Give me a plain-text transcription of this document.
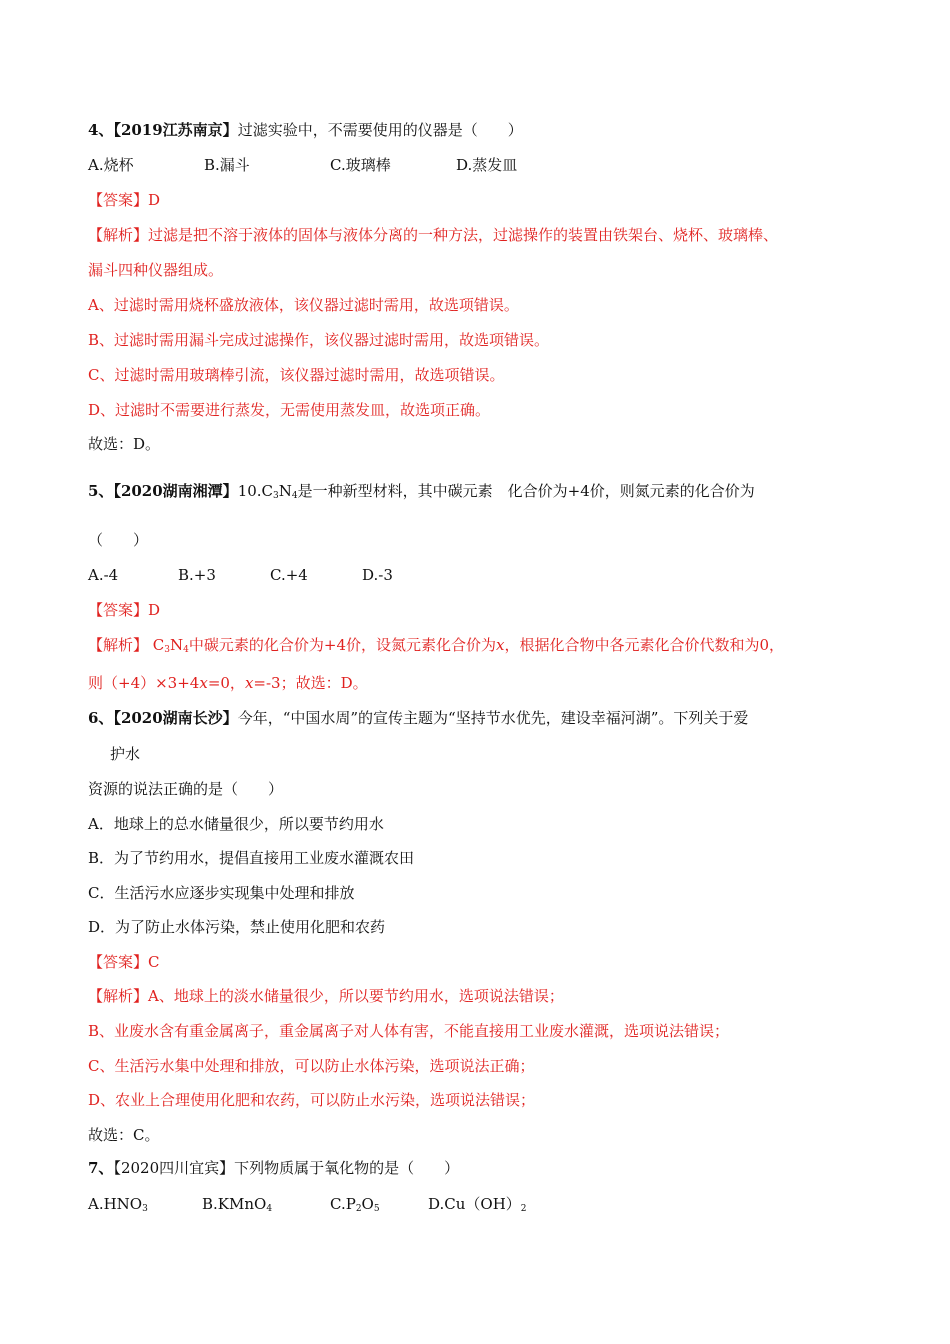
4、【2019江苏南京】过滤实验中，不需要使用的仪器是（　　）
A.烧杯	B.漏斗	C.玻璃棒	D.蒸发皿
【答案】D
【解析】过滤是把不溶于液体的固体与液体分离的一种方法，过滤操作的装置由铁架台、烧杯、玻璃棒、
漏斗四种仪器组成。
A、过滤时需用烧杯盛放液体，该仪器过滤时需用，故选项错误。
B、过滤时需用漏斗完成过滤操作，该仪器过滤时需用，故选项错误。
C、过滤时需用玻璃棒引流，该仪器过滤时需用，故选项错误。
D、过滤时不需要进行蒸发，无需使用蒸发皿，故选项正确。
故选：D。
5、【2020湖南湘潭】$10.C_3N_4$是一种新型材料，其中碳元素　化合价为+4价，则氮元素的化合价为
（　　）
A.-4	B.+3	C.+4	D.-3
【答案】D
【解析】 $C_3N_4$中碳元素的化合价为+4价，设氮元素化合价为x，根据化合物中各元素化合价代数和为0，
则（+4）×3+4x=0，x=-3；故选：D。
6、【2020湖南长沙】今年，“中国水周”的宣传主题为“坚持节水优先，建设幸福河湖”。下列关于爱
护水
资源的说法正确的是（　　）
A．地球上的总水储量很少，所以要节约用水
B．为了节约用水，提倡直接用工业废水灌溉农田
C．生活污水应逐步实现集中处理和排放
D．为了防止水体污染，禁止使用化肥和农药
【答案】C
【解析】A、地球上的淡水储量很少，所以要节约用水，选项说法错误；
B、业废水含有重金属离子，重金属离子对人体有害，不能直接用工业废水灌溉，选项说法错误；
C、生活污水集中处理和排放，可以防止水体污染，选项说法正确；
D、农业上合理使用化肥和农药，可以防止水污染，选项说法错误；
故选：C。
7、【2020四川宜宾】下列物质属于氧化物的是（　　）
$A.HNO_3$	B.KMnO$_4$	$C.P_2O_5$	$D.Cu(OH)_2$
